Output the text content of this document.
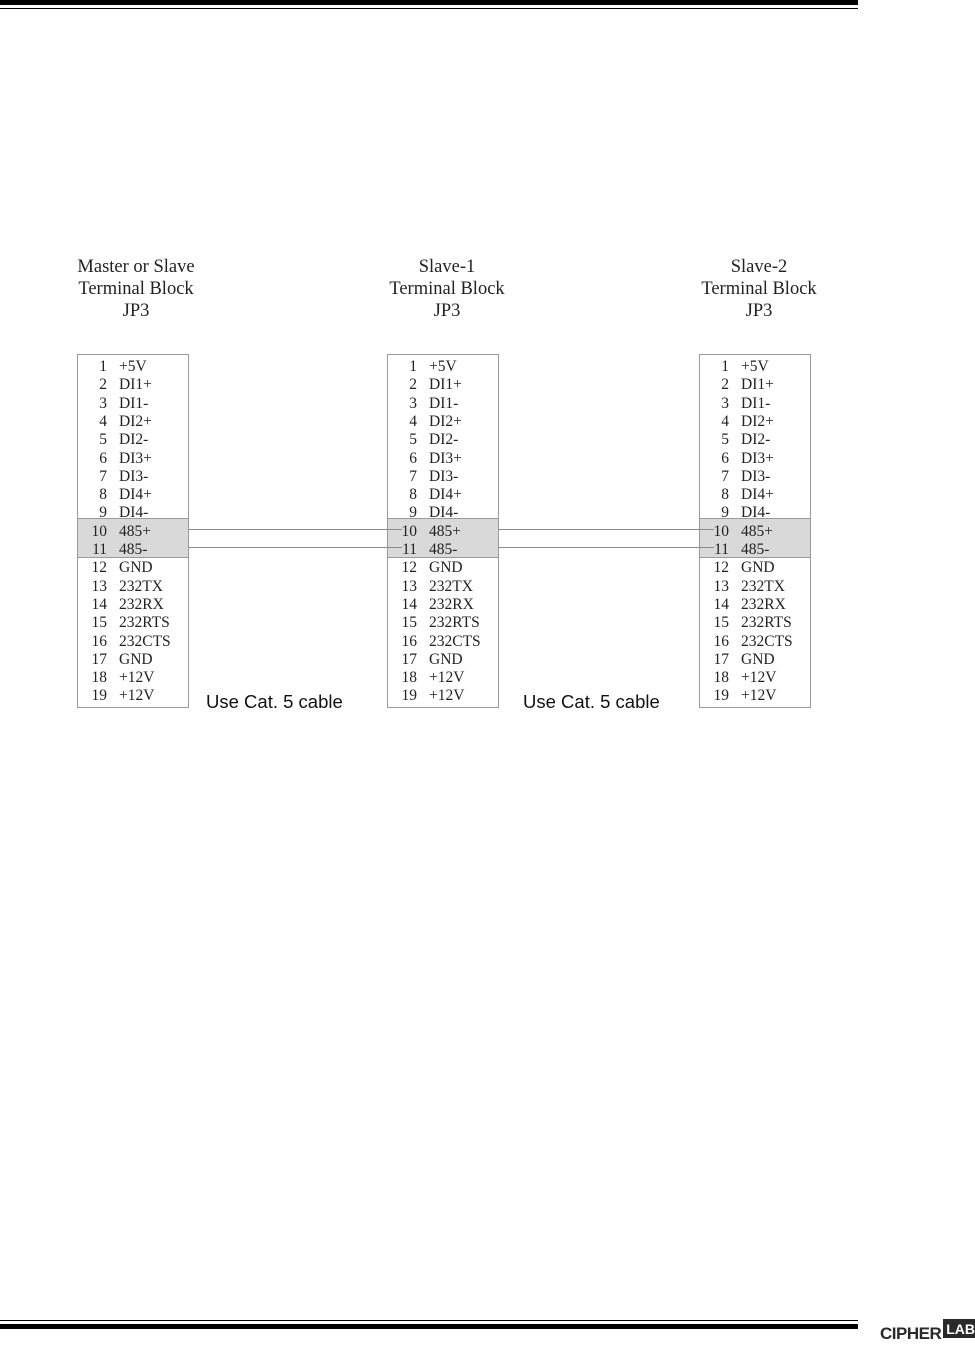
Master or Slave
Terminal Block
JP3
Slave-1
Terminal Block
JP3
Slave-2
Terminal Block
JP3
1 +5V
2 DI1+
3 DI1-
4 DI2+
5 DI2-
6 DI3+
7 DI3-
8 DI4+
9 DI4-
10 485+
11 485-
12 GND
13 232TX
14 232RX
15 232RTS
16 232CTS
17 GND
18 +12V
19 +12V
1 +5V
2 DI1+
3 DI1-
4 DI2+
5 DI2-
6 DI3+
7 DI3-
8 DI4+
9 DI4-
10 485+
11 485-
12 GND
13 232TX
14 232RX
15 232RTS
16 232CTS
17 GND
18 +12V
19 +12V
1 +5V
2 DI1+
3 DI1-
4 DI2+
5 DI2-
6 DI3+
7 DI3-
8 DI4+
9 DI4-
10 485+
11 485-
12 GND
13 232TX
14 232RX
15 232RTS
16 232CTS
17 GND
18 +12V
19 +12V
Use Cat. 5 cable	Use Cat. 5 cable
CIPHER LAB
